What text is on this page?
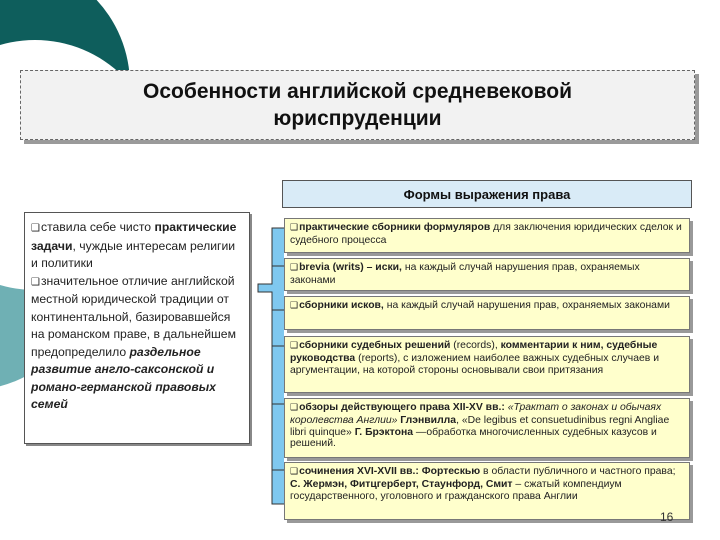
Особенности английской средневековой юриспруденции
Формы выражения права
❑ставила себе чисто практические задачи, чуждые интересам религии и политики
❑значительное отличие английской местной юридической традиции от континентальной, базировавшейся на романском праве, в дальнейшем предопределило раздельное развитие англо-саксонской и романо-германской правовых семей
❑практические сборники формуляров для заключения юридических сделок и судебного процесса
❑brevia (writs) – иски, на каждый случай нарушения прав, охраняемых законами
❑сборники исков, на каждый случай нарушения прав, охраняемых законами
❑сборники судебных решений (records), комментарии к ним, судебные руководства (reports), с изложением наиболее важных судебных случаев и аргументации, на которой стороны основывали свои притязания
❑обзоры действующего права XII-XV вв.: «Трактат о законах и обычаях королевства Англии» Глэнвилла, «De legibus et consuetudinibus regni Angliae libri quinque» Г. Брэктона —обработка многочисленных судебных казусов и решений.
❑сочинения XVI-XVII вв.: Фортескью в области публичного и частного права; С. Жермэн, Фитцгерберт, Стаунфорд, Смит – сжатый компендиум государственного, уголовного и гражданского права Англии
16
